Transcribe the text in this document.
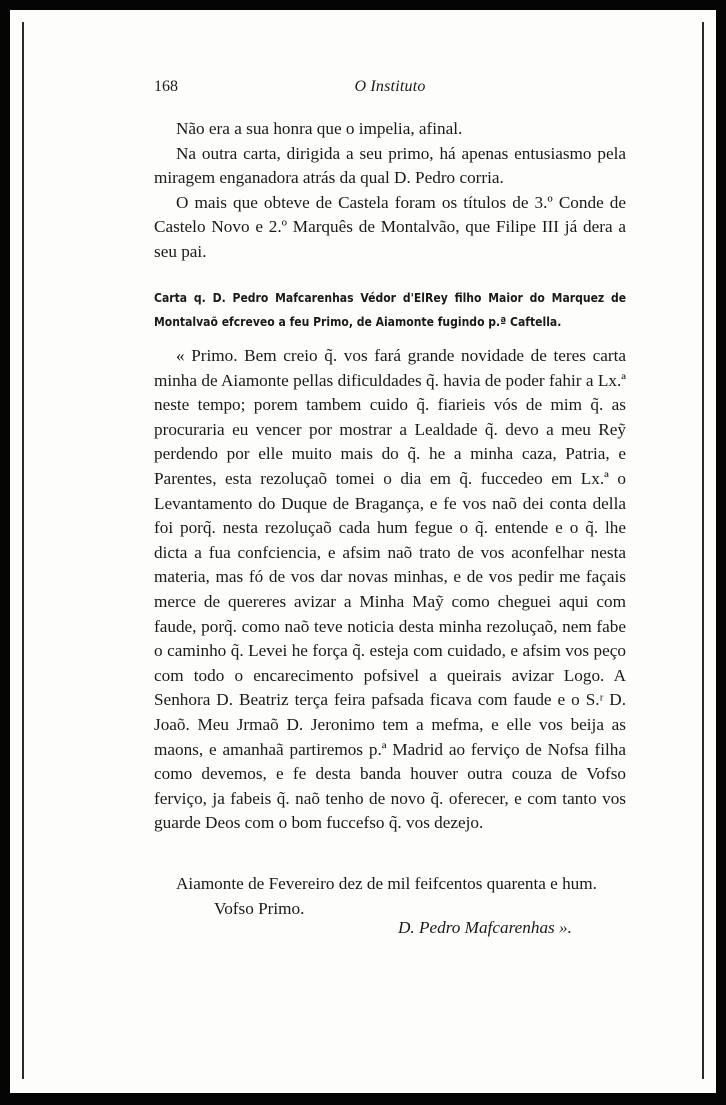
168	O Instituto

Não era a sua honra que o impelia, afinal.

Na outra carta, dirigida a seu primo, há apenas entusiasmo pela miragem enganadora atrás da qual D. Pedro corria.

O mais que obteve de Castela foram os títulos de 3.º Conde de Castelo Novo e 2.º Marquês de Montalvão, que Filipe III já dera a seu pai.

Carta q. D. Pedro Mafcarenhas Védor d'ElRey filho Maior do Marquez de
Montalvaõ efcreveo a feu Primo, de Aiamonte fugindo p.ª Caftella.

« Primo. Bem creio q̃. vos fará grande novidade de teres carta minha de Aiamonte pellas dificuldades q̃. havia de poder fahir a Lx.ª neste tempo; porem tambem cuido q̃. fiarieis vós de mim q̃. as procuraria eu vencer por mostrar a Lealdade q̃. devo a meu Reỹ perdendo por elle muito mais do q̃. he a minha caza, Patria, e Parentes, esta rezoluçaõ tomei o dia em q̃. fuccedeo em Lx.ª o Levantamento do Duque de Bragança, e fe vos naõ dei conta della foi porq̃. nesta rezoluçaõ cada hum fegue o q̃. entende e o q̃. lhe dicta a fua confciencia, e afsim naõ trato de vos aconfelhar nesta materia, mas fó de vos dar novas minhas, e de vos pedir me façais merce de quereres avizar a Minha Maỹ como cheguei aqui com faude, porq̃. como naõ teve noticia desta minha rezoluçaõ, nem fabe o caminho q̃. Levei he força q̃. esteja com cuidado, e afsim vos peço com todo o encarecimento pofsivel a queirais avizar Logo. A Senhora D. Beatriz terça feira pafsada ficava com faude e o S.ʳ D. Joaõ. Meu Jrmaõ D. Jeronimo tem a mefma, e elle vos beija as maons, e amanhaã partiremos p.ª Madrid ao ferviço de Nofsa filha como devemos, e fe desta banda houver outra couza de Vofso ferviço, ja fabeis q̃. naõ tenho de novo q̃. oferecer, e com tanto vos guarde Deos com o bom fuccefso q̃. vos dezejo.

Aiamonte de Fevereiro dez de mil feifcentos quarenta e hum.
Vofso Primo.
D. Pedro Mafcarenhas ».
